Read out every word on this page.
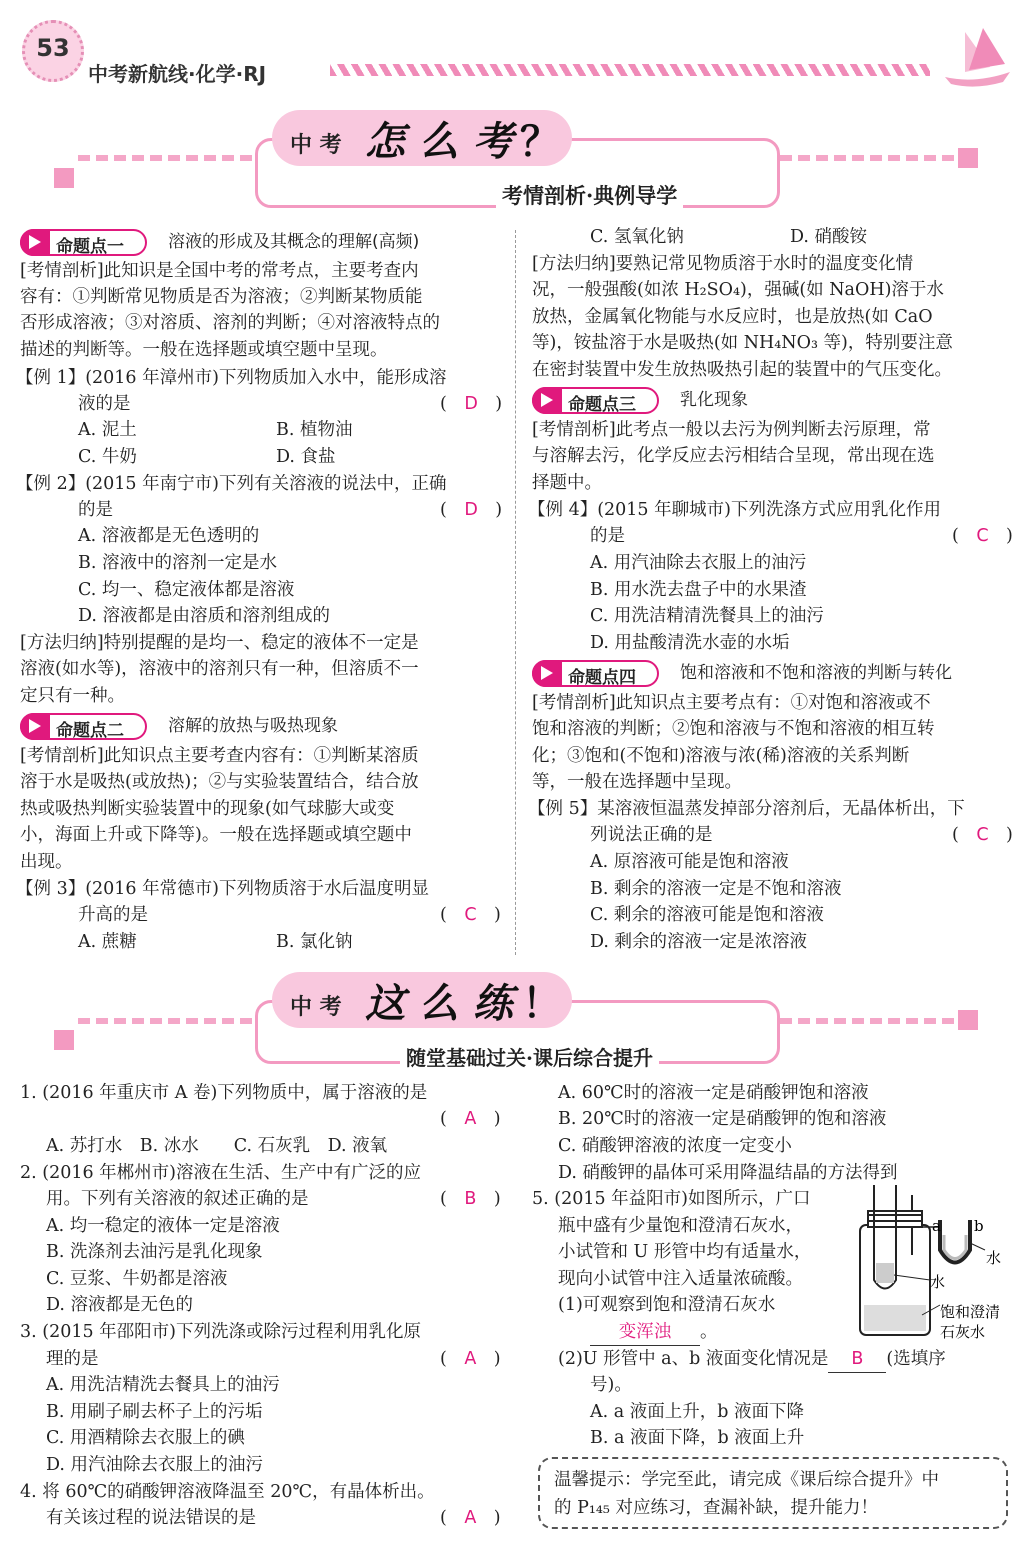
53
中考新航线·化学·RJ
中 考 怎 么 考 ？
考情剖析·典例导学
命题点一	溶液的形成及其概念的理解(高频)
[考情剖析]此知识是全国中考的常考点，主要考查内
容有：①判断常见物质是否为溶液；②判断某物质能
否形成溶液；③对溶质、溶剂的判断；④对溶液特点的
描述的判断等。一般在选择题或填空题中呈现。
【例 1】(2016 年漳州市)下列物质加入水中，能形成溶
液的是	(　D　)
A. 泥土	B. 植物油
C. 牛奶	D. 食盐
【例 2】(2015 年南宁市)下列有关溶液的说法中，正确
的是	(　D　)
A. 溶液都是无色透明的
B. 溶液中的溶剂一定是水
C. 均一、稳定液体都是溶液
D. 溶液都是由溶质和溶剂组成的
[方法归纳]特别提醒的是均一、稳定的液体不一定是
溶液(如水等)，溶液中的溶剂只有一种，但溶质不一
定只有一种。
命题点二	溶解的放热与吸热现象
[考情剖析]此知识点主要考查内容有：①判断某溶质
溶于水是吸热(或放热)；②与实验装置结合，结合放
热或吸热判断实验装置中的现象(如气球膨大或变
小，海面上升或下降等)。一般在选择题或填空题中
出现。
【例 3】(2016 年常德市)下列物质溶于水后温度明显
升高的是	(　C　)
A. 蔗糖	B. 氯化钠
C. 氢氧化钠	D. 硝酸铵
[方法归纳]要熟记常见物质溶于水时的温度变化情
况，一般强酸(如浓 H₂SO₄)，强碱(如 NaOH)溶于水
放热，金属氧化物能与水反应时，也是放热(如 CaO
等)，铵盐溶于水是吸热(如 NH₄NO₃ 等)，特别要注意
在密封装置中发生放热吸热引起的装置中的气压变化。
命题点三	乳化现象
[考情剖析]此考点一般以去污为例判断去污原理，常
与溶解去污，化学反应去污相结合呈现，常出现在选
择题中。
【例 4】(2015 年聊城市)下列洗涤方式应用乳化作用
的是	(　C　)
A. 用汽油除去衣服上的油污
B. 用水洗去盘子中的水果渣
C. 用洗洁精清洗餐具上的油污
D. 用盐酸清洗水壶的水垢
命题点四	饱和溶液和不饱和溶液的判断与转化
[考情剖析]此知识点主要考点有：①对饱和溶液或不
饱和溶液的判断；②饱和溶液与不饱和溶液的相互转
化；③饱和(不饱和)溶液与浓(稀)溶液的关系判断
等，一般在选择题中呈现。
【例 5】某溶液恒温蒸发掉部分溶剂后，无晶体析出，下
列说法正确的是	(　C　)
A. 原溶液可能是饱和溶液
B. 剩余的溶液一定是不饱和溶液
C. 剩余的溶液可能是饱和溶液
D. 剩余的溶液一定是浓溶液
中 考 这 么 练 ！
随堂基础过关·课后综合提升
1. (2016 年重庆市 A 卷)下列物质中，属于溶液的是
(　A　)
A. 苏打水　B. 冰水　　C. 石灰乳　D. 液氧
2. (2016 年郴州市)溶液在生活、生产中有广泛的应
用。下列有关溶液的叙述正确的是	(　B　)
A. 均一稳定的液体一定是溶液
B. 洗涤剂去油污是乳化现象
C. 豆浆、牛奶都是溶液
D. 溶液都是无色的
3. (2015 年邵阳市)下列洗涤或除污过程利用乳化原
理的是	(　A　)
A. 用洗洁精洗去餐具上的油污
B. 用刷子刷去杯子上的污垢
C. 用酒精除去衣服上的碘
D. 用汽油除去衣服上的油污
4. 将 60℃的硝酸钾溶液降温至 20℃，有晶体析出。
有关该过程的说法错误的是	(　A　)
A. 60℃时的溶液一定是硝酸钾饱和溶液
B. 20℃时的溶液一定是硝酸钾的饱和溶液
C. 硝酸钾溶液的浓度一定变小
D. 硝酸钾的晶体可采用降温结晶的方法得到
5. (2015 年益阳市)如图所示，广口
瓶中盛有少量饱和澄清石灰水，
小试管和 U 形管中均有适量水，
现向小试管中注入适量浓硫酸。
(1)可观察到饱和澄清石灰水
变浑浊 。
(2)U 形管中 a、b 液面变化情况是 B (选填序
号)。
A. a 液面上升，b 液面下降
B. a 液面下降，b 液面上升
a b
水
水
饱和澄清
石灰水
温馨提示：学完至此，请完成《课后综合提升》中
的 P₁₄₅ 对应练习，查漏补缺，提升能力！
